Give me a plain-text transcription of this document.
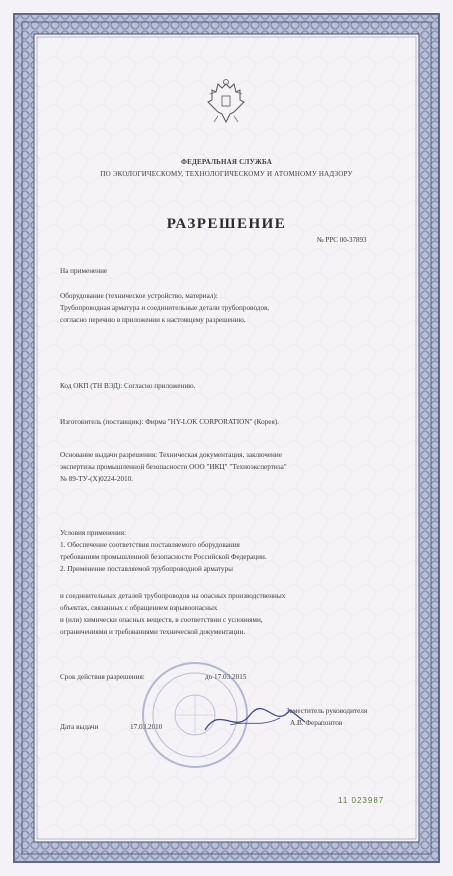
ФЕДЕРАЛЬНАЯ СЛУЖБА
ПО ЭКОЛОГИЧЕСКОМУ, ТЕХНОЛОГИЧЕСКОМУ И АТОМНОМУ НАДЗОРУ
РАЗРЕШЕНИЕ
№ РРС 00-37893
На применение
Оборудование (техническое устройство, материал):
Трубопроводная арматура и соединительные детали трубопроводов,
согласно перечню в приложении к настоящему разрешению.
Код ОКП (ТН ВЭД): Согласно приложению.
Изготовитель (поставщик): Фирма "HY-LOK CORPORATION" (Корея).
Основание выдачи разрешения: Техническая документация, заключение
экспертизы промышленной безопасности ООО "ИКЦ" "Техноэкспертиза"
№ 89-ТУ-(Х)0224-2010.
Условия применения:
1. Обеспечение соответствия поставляемого оборудования
требованиям промышленной безопасности Российской Федерации.
2. Применение поставляемой трубопроводной арматуры
и соединительных деталей трубопроводов на опасных производственных
объектах, связанных с обращением взрывоопасных
и (или) химически опасных веществ, в соответствии с условиями,
ограничениями и требованиями технической документации.
Срок действия разрешения:	до 17.03.2015
Дата выдачи	17.03.2010
Заместитель руководителя
А.В. Ферапонтов
11 023987
